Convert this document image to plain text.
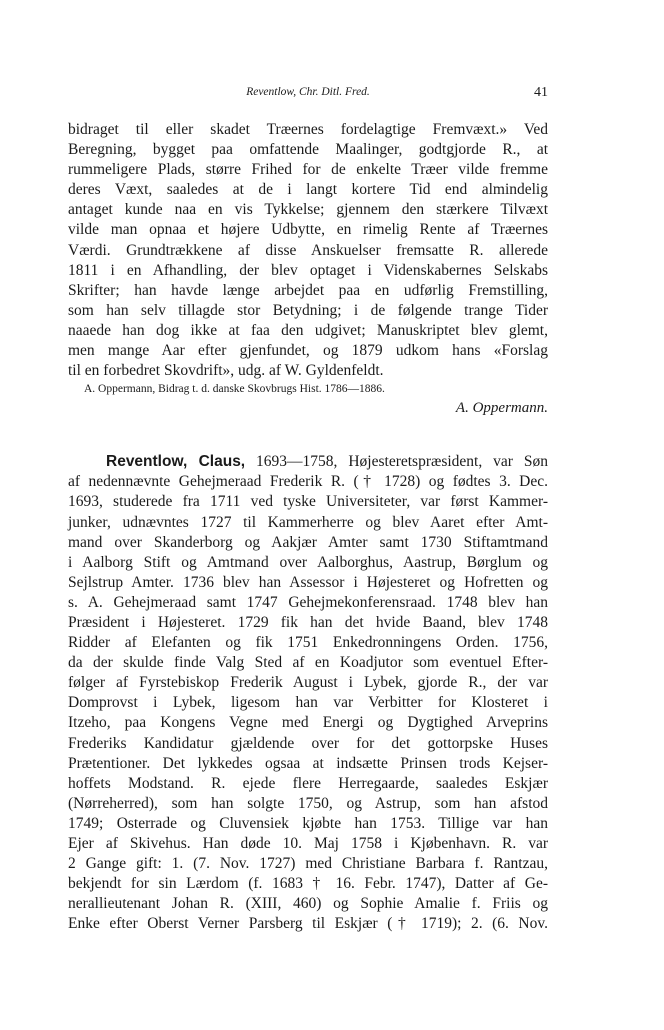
Reventlow, Chr. Ditl. Fred.	41
bidraget til eller skadet Træernes fordelagtige Fremvæxt.» Ved
Beregning, bygget paa omfattende Maalinger, godtgjorde R., at
rummeligere Plads, større Frihed for de enkelte Træer vilde fremme
deres Væxt, saaledes at de i langt kortere Tid end almindelig
antaget kunde naa en vis Tykkelse; gjennem den stærkere Tilvæxt
vilde man opnaa et højere Udbytte, en rimelig Rente af Træernes
Værdi. Grundtrækkene af disse Anskuelser fremsatte R. allerede
1811 i en Afhandling, der blev optaget i Videnskabernes Selskabs
Skrifter; han havde længe arbejdet paa en udførlig Fremstilling,
som han selv tillagde stor Betydning; i de følgende trange Tider
naaede han dog ikke at faa den udgivet; Manuskriptet blev glemt,
men mange Aar efter gjenfundet, og 1879 udkom hans «Forslag
til en forbedret Skovdrift», udg. af W. Gyldenfeldt.
A. Oppermann, Bidrag t. d. danske Skovbrugs Hist. 1786—1886.
A. Oppermann.
Reventlow, Claus, 1693—1758, Højesteretspræsident, var Søn
af nedennævnte Gehejmeraad Frederik R. († 1728) og fødtes 3. Dec.
1693, studerede fra 1711 ved tyske Universiteter, var først Kammer-
junker, udnævntes 1727 til Kammerherre og blev Aaret efter Amt-
mand over Skanderborg og Aakjær Amter samt 1730 Stiftamtmand
i Aalborg Stift og Amtmand over Aalborghus, Aastrup, Børglum og
Sejlstrup Amter. 1736 blev han Assessor i Højesteret og Hofretten og
s. A. Gehejmeraad samt 1747 Gehejmekonferensraad. 1748 blev han
Præsident i Højesteret. 1729 fik han det hvide Baand, blev 1748
Ridder af Elefanten og fik 1751 Enkedronningens Orden. 1756,
da der skulde finde Valg Sted af en Koadjutor som eventuel Efter-
følger af Fyrstebiskop Frederik August i Lybek, gjorde R., der var
Domprovst i Lybek, ligesom han var Verbitter for Klosteret i
Itzeho, paa Kongens Vegne med Energi og Dygtighed Arveprins
Frederiks Kandidatur gjældende over for det gottorpske Huses
Prætentioner. Det lykkedes ogsaa at indsætte Prinsen trods Kejser-
hoffets Modstand. R. ejede flere Herregaarde, saaledes Eskjær
(Nørreherred), som han solgte 1750, og Astrup, som han afstod
1749; Osterrade og Cluvensiek kjøbte han 1753. Tillige var han
Ejer af Skivehus. Han døde 10. Maj 1758 i Kjøbenhavn. R. var
2 Gange gift: 1. (7. Nov. 1727) med Christiane Barbara f. Rantzau,
bekjendt for sin Lærdom (f. 1683 † 16. Febr. 1747), Datter af Ge-
nerallieutenant Johan R. (XIII, 460) og Sophie Amalie f. Friis og
Enke efter Oberst Verner Parsberg til Eskjær († 1719); 2. (6. Nov.
